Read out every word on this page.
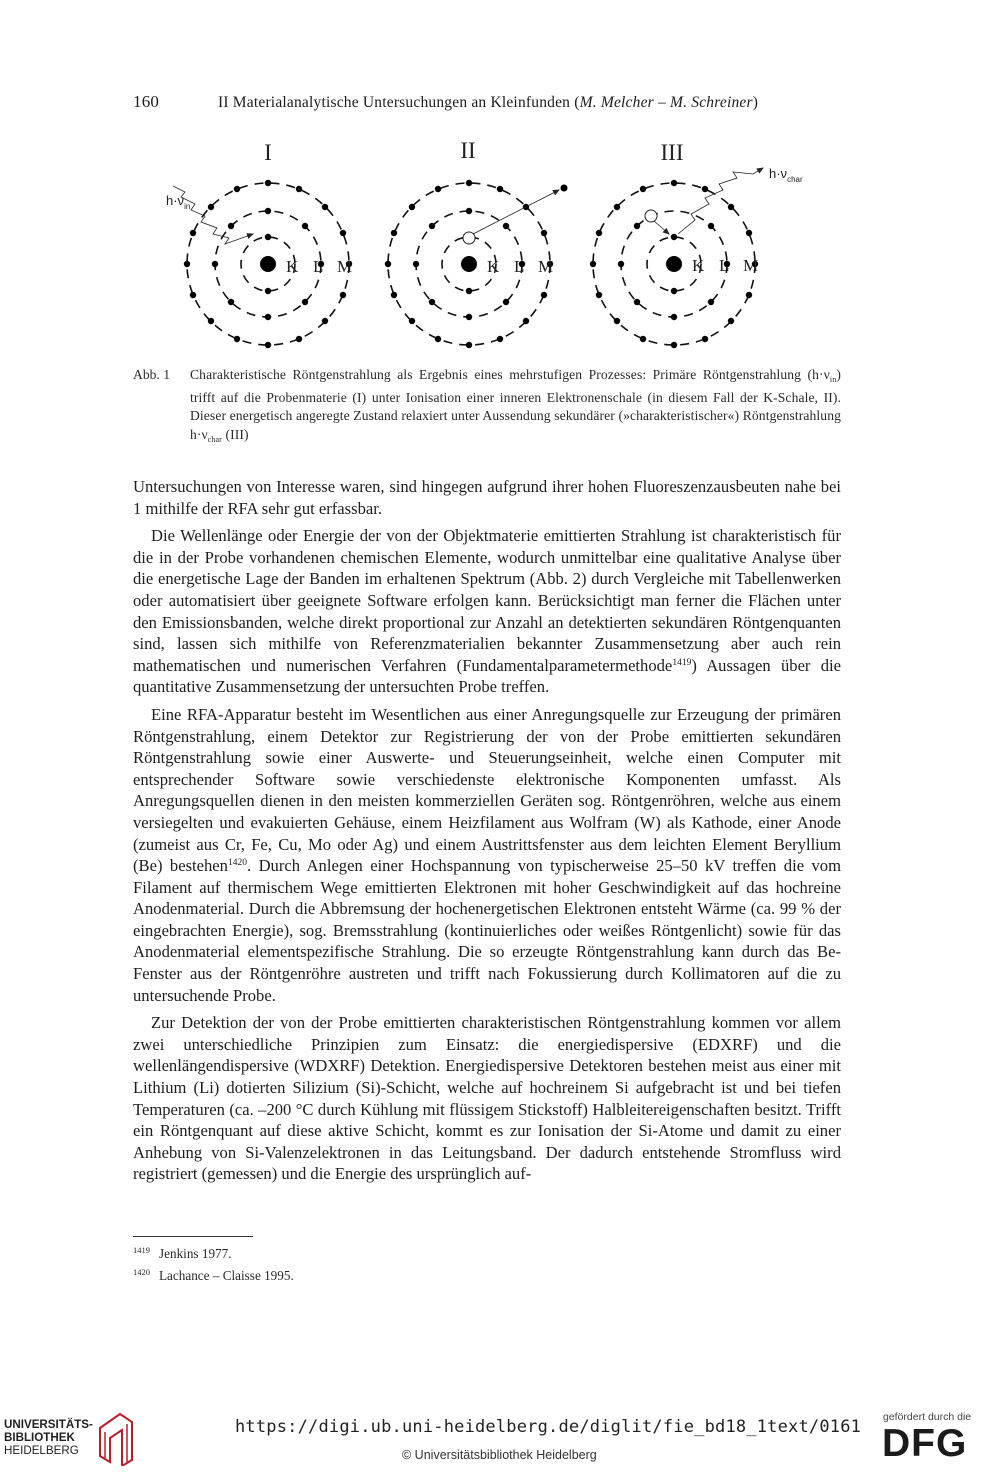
160	II Materialanalytische Untersuchungen an Kleinfunden (M. Melcher – M. Schreiner)
I	II	III
K L M
$h\cdot\nu_{in}$
K L M	K L M
$h\cdot\nu_{char}$
Abb. 1 Charakteristische Röntgenstrahlung als Ergebnis eines mehrstufigen Prozesses: Primäre Röntgenstrahlung $(h\cdot\nu_{in})$ trifft auf die Probenmaterie (I) unter Ionisation einer inneren Elektronenschale (in diesem Fall der K-Schale, II). Dieser energetisch angeregte Zustand relaxiert unter Aussendung sekundärer (»charakteristischer«) Röntgenstrahlung $h\cdot\nu_{char}$ (III)

Untersuchungen von Interesse waren, sind hingegen aufgrund ihrer hohen Fluoreszenzausbeuten nahe bei 1 mithilfe der RFA sehr gut erfassbar.

Die Wellenlänge oder Energie der von der Objektmaterie emittierten Strahlung ist charakteristisch für die in der Probe vorhandenen chemischen Elemente, wodurch unmittelbar eine qualitative Analyse über die energetische Lage der Banden im erhaltenen Spektrum (Abb. 2) durch Vergleiche mit Tabellenwerken oder automatisiert über geeignete Software erfolgen kann. Berücksichtigt man ferner die Flächen unter den Emissionsbanden, welche direkt proportional zur Anzahl an detektierten sekundären Röntgenquanten sind, lassen sich mithilfe von Referenzmaterialien bekannter Zusammensetzung aber auch rein mathematischen und numerischen Verfahren (Fundamentalparametermethode$^{1419}$) Aussagen über die quantitative Zusammensetzung der untersuchten Probe treffen.

Eine RFA-Apparatur besteht im Wesentlichen aus einer Anregungsquelle zur Erzeugung der primären Röntgenstrahlung, einem Detektor zur Registrierung der von der Probe emittierten sekundären Röntgenstrahlung sowie einer Auswerte- und Steuerungseinheit, welche einen Computer mit entsprechender Software sowie verschiedenste elektronische Komponenten umfasst. Als Anregungsquellen dienen in den meisten kommerziellen Geräten sog. Röntgenröhren, welche aus einem versiegelten und evakuierten Gehäuse, einem Heizfilament aus Wolfram (W) als Kathode, einer Anode (zumeist aus Cr, Fe, Cu, Mo oder Ag) und einem Austrittsfenster aus dem leichten Element Beryllium (Be) bestehen$^{1420}$. Durch Anlegen einer Hochspannung von typischerweise 25–50 kV treffen die vom Filament auf thermischem Wege emittierten Elektronen mit hoher Geschwindigkeit auf das hochreine Anodenmaterial. Durch die Abbremsung der hochenergetischen Elektronen entsteht Wärme (ca. 99 % der eingebrachten Energie), sog. Bremsstrahlung (kontinuierliches oder weißes Röntgenlicht) sowie für das Anodenmaterial elementspezifische Strahlung. Die so erzeugte Röntgenstrahlung kann durch das Be-Fenster aus der Röntgenröhre austreten und trifft nach Fokussierung durch Kollimatoren auf die zu untersuchende Probe.

Zur Detektion der von der Probe emittierten charakteristischen Röntgenstrahlung kommen vor allem zwei unterschiedliche Prinzipien zum Einsatz: die energiedispersive (EDXRF) und die wellenlängendispersive (WDXRF) Detektion. Energiedispersive Detektoren bestehen meist aus einer mit Lithium (Li) dotierten Silizium (Si)-Schicht, welche auf hochreinem Si aufgebracht ist und bei tiefen Temperaturen (ca. –200 °C durch Kühlung mit flüssigem Stickstoff) Halbleitereigenschaften besitzt. Trifft ein Röntgenquant auf diese aktive Schicht, kommt es zur Ionisation der Si-Atome und damit zu einer Anhebung von Si-Valenzelektronen in das Leitungsband. Der dadurch entstehende Stromfluss wird registriert (gemessen) und die Energie des ursprünglich auf-

1419 Jenkins 1977.
1420 Lachance – Claisse 1995.
UNIVERSITÄTS-
BIBLIOTHEK
HEIDELBERG
https://digi.ub.uni-heidelberg.de/diglit/fie_bd18_1text/0161
© Universitätsbibliothek Heidelberg
gefördert durch die
DFG
